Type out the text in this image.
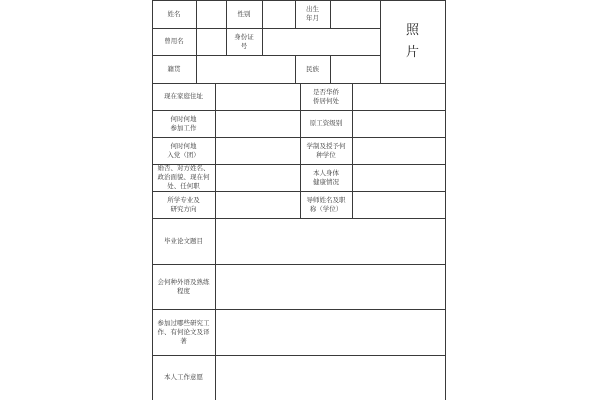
姓名	性别
出生
年月
照
片
曾用名
身份证
号
籍贯	民族
现在家庭住址
是否华侨
侨居何处
何时何地
参加工作
原工资级别
何时何地
入党（团）
学制及授予何
种学位
婚否、对方姓名、
政治面貌、现在何
处、任何职
本人身体
健康情况
所学专业及
研究方向
导师姓名及职
称（学位）
毕业论文题目
会何种外语及熟练
程度
参加过哪些研究工
作、有何论文及译
著
本人工作意愿
